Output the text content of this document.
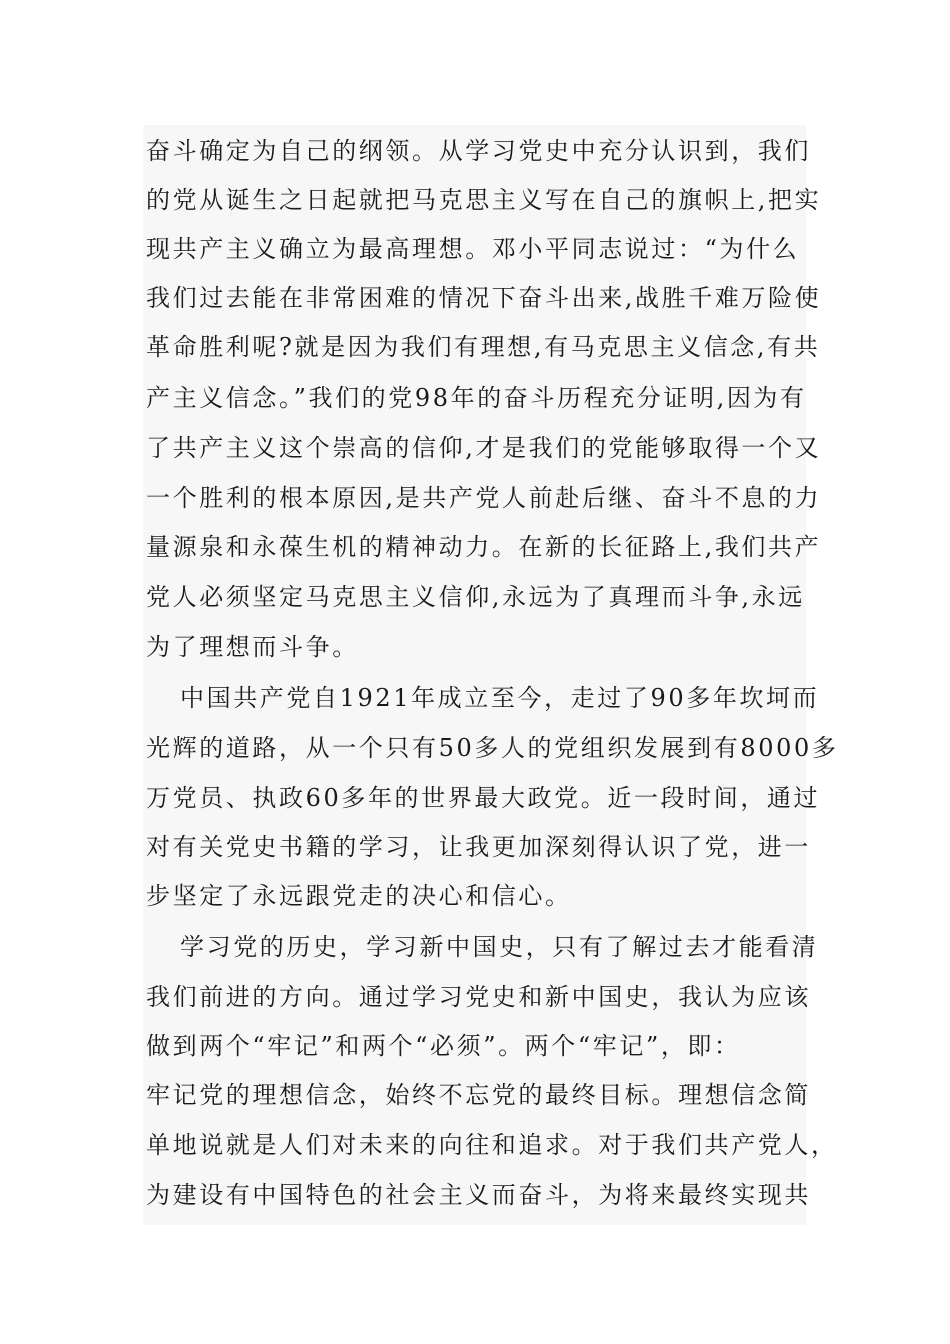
奋斗确定为自己的纲领。从学习党史中充分认识到，我们
的党从诞生之日起就把马克思主义写在自己的旗帜上,把实
现共产主义确立为最高理想。邓小平同志说过：“为什么
我们过去能在非常困难的情况下奋斗出来,战胜千难万险使
革命胜利呢?就是因为我们有理想,有马克思主义信念,有共
产主义信念。”我们的党98年的奋斗历程充分证明,因为有
了共产主义这个崇高的信仰,才是我们的党能够取得一个又
一个胜利的根本原因,是共产党人前赴后继、奋斗不息的力
量源泉和永葆生机的精神动力。在新的长征路上,我们共产
党人必须坚定马克思主义信仰,永远为了真理而斗争,永远
为了理想而斗争。
中国共产党自1921年成立至今，走过了90多年坎坷而
光辉的道路，从一个只有50多人的党组织发展到有8000多
万党员、执政60多年的世界最大政党。近一段时间，通过
对有关党史书籍的学习，让我更加深刻得认识了党，进一
步坚定了永远跟党走的决心和信心。
学习党的历史，学习新中国史，只有了解过去才能看清
我们前进的方向。通过学习党史和新中国史，我认为应该
做到两个“牢记”和两个“必须”。两个“牢记”，即：
牢记党的理想信念，始终不忘党的最终目标。理想信念简
单地说就是人们对未来的向往和追求。对于我们共产党人，
为建设有中国特色的社会主义而奋斗，为将来最终实现共
